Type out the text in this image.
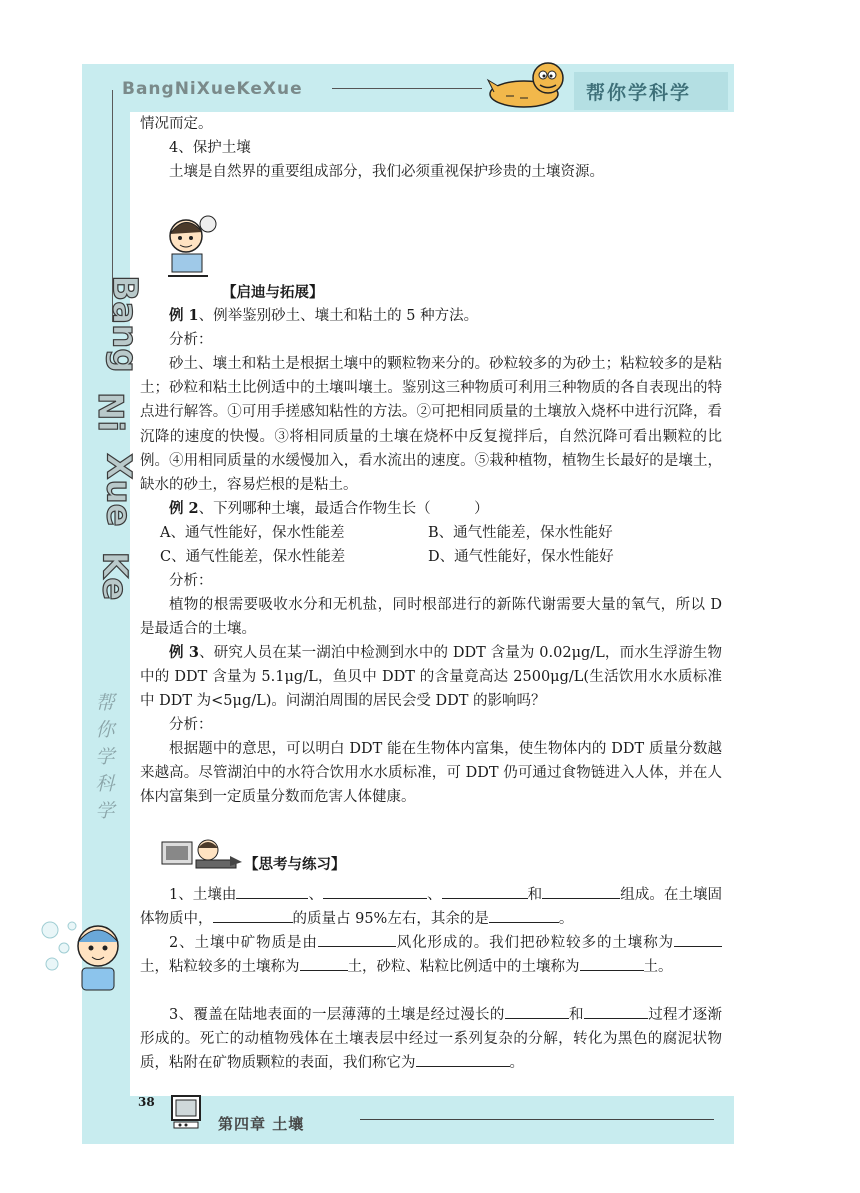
BangNiXueKeXue	帮你学科学
Bang
Ni
Xue
Ke
帮
你
学
科
学
情况而定。
4、保护土壤
土壤是自然界的重要组成部分，我们必须重视保护珍贵的土壤资源。
【启迪与拓展】
例 1、例举鉴别砂土、壤土和粘土的 5 种方法。
分析：
砂土、壤土和粘土是根据土壤中的颗粒物来分的。砂粒较多的为砂土；粘粒较多的是粘土；砂粒和粘土比例适中的土壤叫壤土。鉴别这三种物质可利用三种物质的各自表现出的特点进行解答。①可用手搓感知粘性的方法。②可把相同质量的土壤放入烧杯中进行沉降，看沉降的速度的快慢。③将相同质量的土壤在烧杯中反复搅拌后，自然沉降可看出颗粒的比例。④用相同质量的水缓慢加入，看水流出的速度。⑤栽种植物，植物生长最好的是壤土，缺水的砂土，容易烂根的是粘土。
例 2、下列哪种土壤，最适合作物生长（　　　）
A、通气性能好，保水性能差	B、通气性能差，保水性能好
C、通气性能差，保水性能差	D、通气性能好，保水性能好
分析：
植物的根需要吸收水分和无机盐，同时根部进行的新陈代谢需要大量的氧气，所以 D 是最适合的土壤。
例 3、研究人员在某一湖泊中检测到水中的 DDT 含量为 0.02μg/L，而水生浮游生物中的 DDT 含量为 5.1μg/L，鱼贝中 DDT 的含量竟高达 2500μg/L(生活饮用水水质标准中 DDT 为<5μg/L)。问湖泊周围的居民会受 DDT 的影响吗？
分析：
根据题中的意思，可以明白 DDT 能在生物体内富集，使生物体内的 DDT 质量分数越来越高。尽管湖泊中的水符合饮用水水质标准，可 DDT 仍可通过食物链进入人体，并在人体内富集到一定质量分数而危害人体健康。
【思考与练习】
1、土壤由	、	、	和	组成。在土壤固体物质中，	的质量占 95%左右，其余的是	。
2、土壤中矿物质是由	风化形成的。我们把砂粒较多的土壤称为土，粘粒较多的土壤称为	土，砂粒、粘粒比例适中的土壤称为	土。
3、覆盖在陆地表面的一层薄薄的土壤是经过漫长的	和	过程才逐渐形成的。死亡的动植物残体在土壤表层中经过一系列复杂的分解，转化为黑色的腐泥状物质，粘附在矿物质颗粒的表面，我们称它为	。
38
第四章 土壤
